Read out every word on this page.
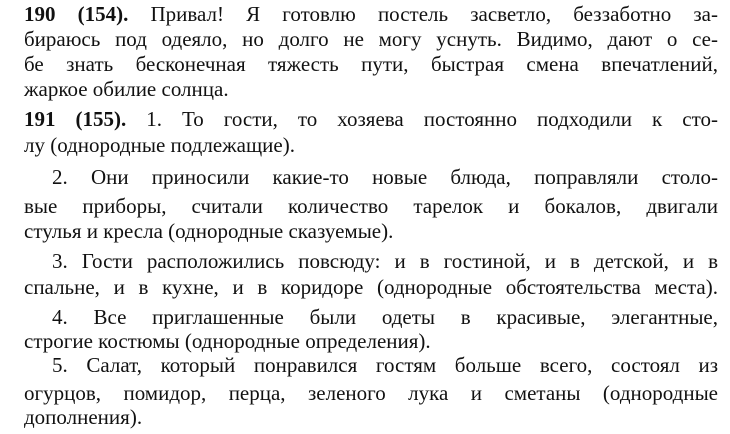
190 (154). Привал! Я готовлю постель засветло, беззаботно за-
бираюсь под одеяло, но долго не могу уснуть. Видимо, дают о се-
бе знать бесконечная тяжесть пути, быстрая смена впечатлений,
жаркое обилие солнца.
191 (155). 1. То гости, то хозяева постоянно подходили к сто-
лу (однородные подлежащие).
2. Они приносили какие-то новые блюда, поправляли столо-
вые приборы, считали количество тарелок и бокалов, двигали
стулья и кресла (однородные сказуемые).
3. Гости расположились повсюду: и в гостиной, и в детской, и в
спальне, и в кухне, и в коридоре (однородные обстоятельства места).
4. Все приглашенные были одеты в красивые, элегантные,
строгие костюмы (однородные определения).
5. Салат, который понравился гостям больше всего, состоял из
огурцов, помидор, перца, зеленого лука и сметаны (однородные
дополнения).
